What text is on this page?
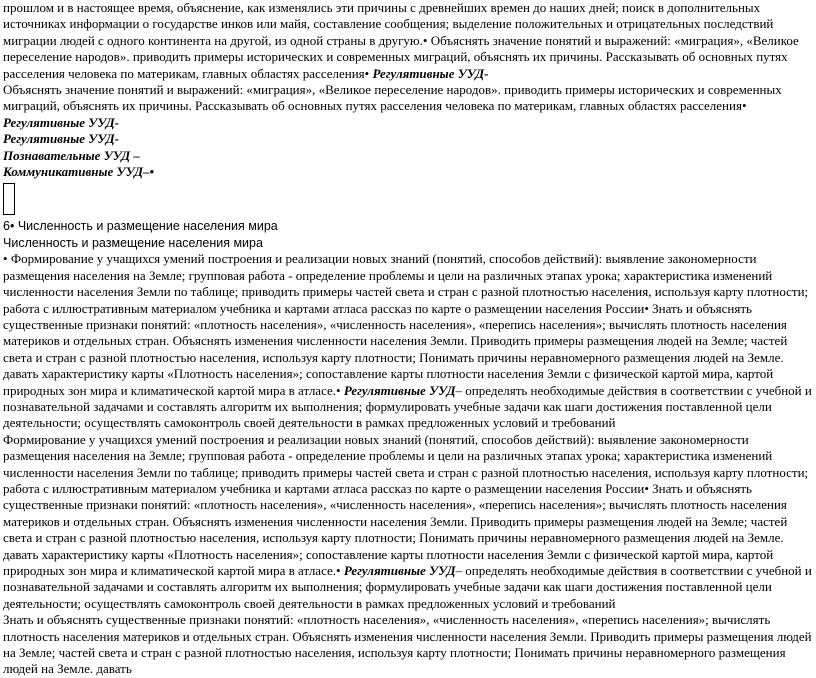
прошлом и в настоящее время, объяснение, как изменялись эти причины с древнейших времен до наших дней; поиск в дополнительных источниках информации о государстве инков или майя, составление сообщения; выделение положительных и отрицательных последствий миграции людей с одного континента на другой, из одной страны в другую.• Объяснять значение понятий и выражений: «миграция», «Великое переселение народов». приводить примеры исторических и современных миграций, объяснять их причины. Рассказывать об основных путях расселения человека по материкам, главных областях расселения• Регулятивные УУД-

Объяснять значение понятий и выражений: «миграция», «Великое переселение народов». приводить примеры исторических и современных миграций, объяснять их причины. Рассказывать об основных путях расселения человека по материкам, главных областях расселения• Регулятивные УУД-

Регулятивные УУД-

Познавательные УУД –

Коммуникативные УУД–•

6• Численность и размещение населения мира

Численность и размещение населения мира

• Формирование у учащихся умений построения и реализации новых знаний (понятий, способов действий): выявление закономерности размещения населения на Земле; групповая работа - определение проблемы и цели на различных этапах урока; характеристика изменений численности населения Земли по таблице; приводить примеры частей света и стран с разной плотностью населения, используя карту плотности; работа с иллюстративным материалом учебника и картами атласа рассказ по карте о размещении населения России• Знать и объяснять существенные признаки понятий: «плотность населения», «численность населения», «перепись населения»; вычислять плотность населения материков и отдельных стран. Объяснять изменения численности населения Земли. Приводить примеры размещения людей на Земле; частей света и стран с разной плотностью населения, используя карту плотности; Понимать причины неравномерного размещения людей на Земле. давать характеристику карты «Плотность населения»; сопоставление карты плотности населения Земли с физической картой мира, картой природных зон мира и климатической картой мира в атласе.• Регулятивные УУД– определять необходимые действия в соответствии с учебной и познавательной задачами и составлять алгоритм их выполнения; формулировать учебные задачи как шаги достижения поставленной цели деятельности; осуществлять самоконтроль своей деятельности в рамках предложенных условий и требований

Формирование у учащихся умений построения и реализации новых знаний (понятий, способов действий): выявление закономерности размещения населения на Земле; групповая работа - определение проблемы и цели на различных этапах урока; характеристика изменений численности населения Земли по таблице; приводить примеры частей света и стран с разной плотностью населения, используя карту плотности; работа с иллюстративным материалом учебника и картами атласа рассказ по карте о размещении населения России• Знать и объяснять существенные признаки понятий: «плотность населения», «численность населения», «перепись населения»; вычислять плотность населения материков и отдельных стран. Объяснять изменения численности населения Земли. Приводить примеры размещения людей на Земле; частей света и стран с разной плотностью населения, используя карту плотности; Понимать причины неравномерного размещения людей на Земле. давать характеристику карты «Плотность населения»; сопоставление карты плотности населения Земли с физической картой мира, картой природных зон мира и климатической картой мира в атласе.• Регулятивные УУД– определять необходимые действия в соответствии с учебной и познавательной задачами и составлять алгоритм их выполнения; формулировать учебные задачи как шаги достижения поставленной цели деятельности; осуществлять самоконтроль своей деятельности в рамках предложенных условий и требований

Знать и объяснять существенные признаки понятий: «плотность населения», «численность населения», «перепись населения»; вычислять плотность населения материков и отдельных стран. Объяснять изменения численности населения Земли. Приводить примеры размещения людей на Земле; частей света и стран с разной плотностью населения, используя карту плотности; Понимать причины неравномерного размещения людей на Земле. давать
